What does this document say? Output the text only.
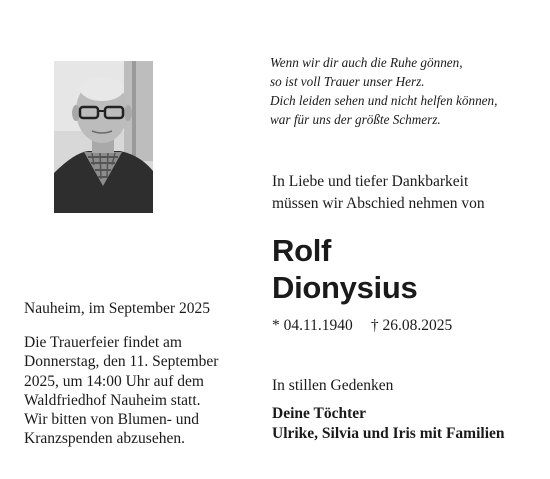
Wenn wir dir auch die Ruhe gönnen,
so ist voll Trauer unser Herz.
Dich leiden sehen und nicht helfen können,
war für uns der größte Schmerz.
In Liebe und tiefer Dankbarkeit
müssen wir Abschied nehmen von
Rolf
Dionysius
* 04.11.1940 † 26.08.2025
Nauheim, im September 2025
Die Trauerfeier findet am
Donnerstag, den 11. September
2025, um 14:00 Uhr auf dem
Waldfriedhof Nauheim statt.
Wir bitten von Blumen- und
Kranzspenden abzusehen.
In stillen Gedenken
Deine Töchter
Ulrike, Silvia und Iris mit Familien
